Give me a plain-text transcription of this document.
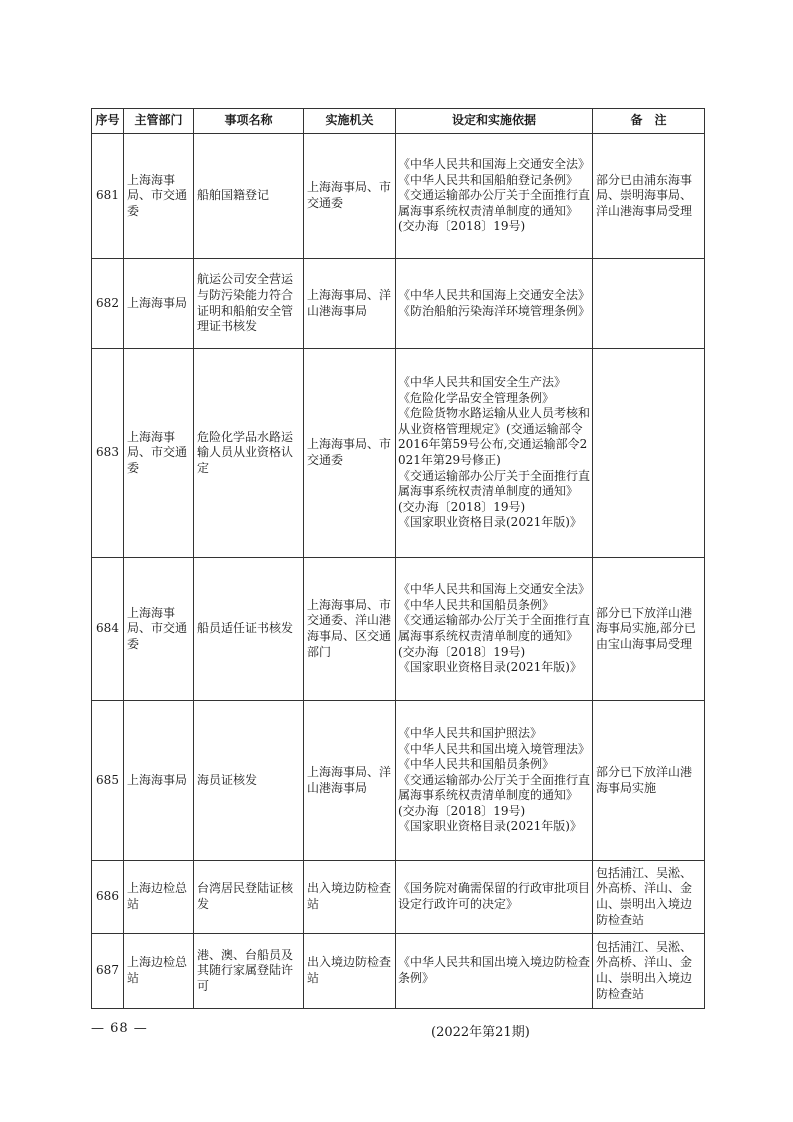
序号	主管部门	事项名称	实施机关	设定和实施依据	备　注
681	上海海事局、市交通委	船舶国籍登记	上海海事局、市交通委	《中华人民共和国海上交通安全法》
《中华人民共和国船舶登记条例》
《交通运输部办公厅关于全面推行直属海事系统权责清单制度的通知》(交办海〔2018〕19号)	部分已由浦东海事局、崇明海事局、洋山港海事局受理
682	上海海事局	航运公司安全营运与防污染能力符合证明和船舶安全管理证书核发	上海海事局、洋山港海事局	《中华人民共和国海上交通安全法》
《防治船舶污染海洋环境管理条例》	

683	上海海事局、市交通委	危险化学品水路运输人员从业资格认定	上海海事局、市交通委	《中华人民共和国安全生产法》
《危险化学品安全管理条例》
《危险货物水路运输从业人员考核和从业资格管理规定》(交通运输部令2016年第59号公布,交通运输部令2021年第29号修正)
《交通运输部办公厅关于全面推行直属海事系统权责清单制度的通知》(交办海〔2018〕19号)
《国家职业资格目录(2021年版)》	

684	上海海事局、市交通委	船员适任证书核发	上海海事局、市交通委、洋山港海事局、区交通部门	《中华人民共和国海上交通安全法》
《中华人民共和国船员条例》
《交通运输部办公厅关于全面推行直属海事系统权责清单制度的通知》(交办海〔2018〕19号)
《国家职业资格目录(2021年版)》	部分已下放洋山港海事局实施,部分已由宝山海事局受理
685	上海海事局	海员证核发	上海海事局、洋山港海事局	《中华人民共和国护照法》
《中华人民共和国出境入境管理法》
《中华人民共和国船员条例》
《交通运输部办公厅关于全面推行直属海事系统权责清单制度的通知》(交办海〔2018〕19号)
《国家职业资格目录(2021年版)》	部分已下放洋山港海事局实施
686	上海边检总站	台湾居民登陆证核发	出入境边防检查站	《国务院对确需保留的行政审批项目设定行政许可的决定》	包括浦江、吴淞、外高桥、洋山、金山、崇明出入境边防检查站
687	上海边检总站	港、澳、台船员及其随行家属登陆许可	出入境边防检查站	《中华人民共和国出境入境边防检查条例》	包括浦江、吴淞、外高桥、洋山、金山、崇明出入境边防检查站
— 68 —	(2022年第21期)
